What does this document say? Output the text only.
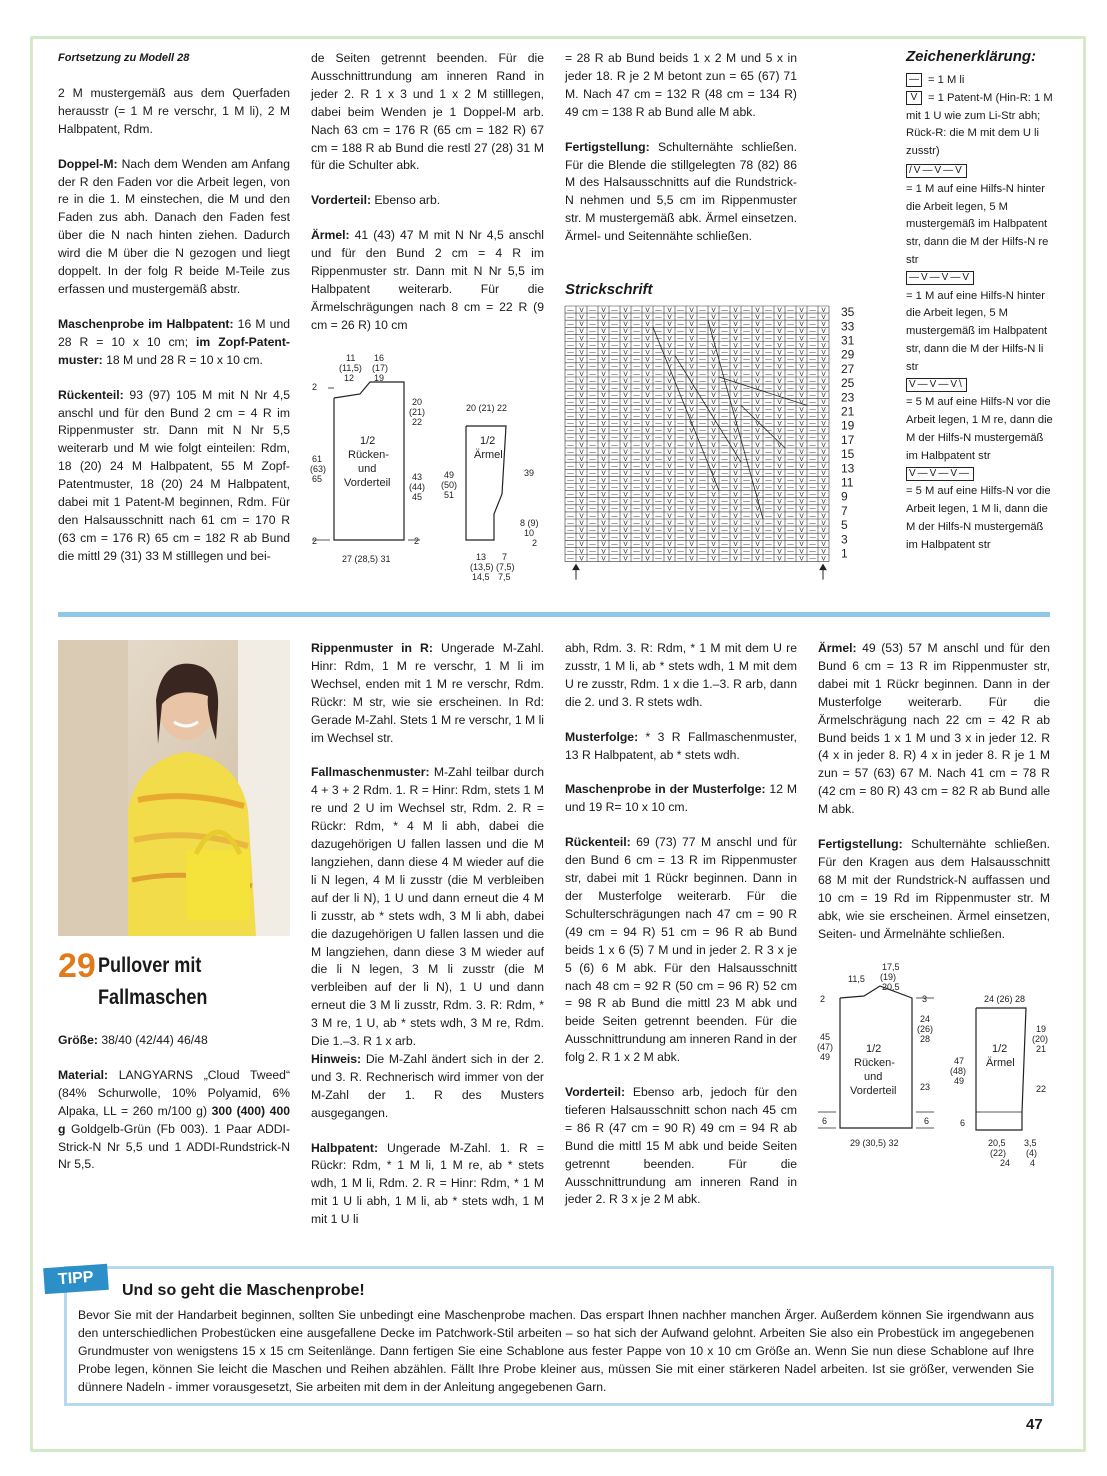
Fortsetzung zu Modell 28

2 M mustergemäß aus dem Querfaden herausstr (= 1 M re verschr, 1 M li), 2 M Halbpatent, Rdm.

Doppel-M: Nach dem Wenden am Anfang der R den Faden vor die Arbeit legen, von re in die 1. M einstechen, die M und den Faden zus abh. Danach den Faden fest über die N nach hinten ziehen. Dadurch wird die M über die N gezogen und liegt doppelt. In der folg R beide M-Teile zus erfassen und mustergemäß abstr.

Maschenprobe im Halbpatent: 16 M und 28 R = 10 x 10 cm; im Zopf-Patent-muster: 18 M und 28 R = 10 x 10 cm.

Rückenteil: 93 (97) 105 M mit N Nr 4,5 anschl und für den Bund 2 cm = 4 R im Rippenmuster str. Dann mit N Nr 5,5 weiterarb und M wie folgt einteilen: Rdm, 18 (20) 24 M Halbpatent, 55 M Zopf-Patentmuster, 18 (20) 24 M Halbpatent, dabei mit 1 Patent-M beginnen, Rdm. Für den Halsausschnitt nach 61 cm = 170 R (63 cm = 176 R) 65 cm = 182 R ab Bund die mittl 29 (31) 33 M stilllegen und bei-

de Seiten getrennt beenden. Für die Ausschnittrundung am inneren Rand in jeder 2. R 1 x 3 und 1 x 2 M stilllegen, dabei beim Wenden je 1 Doppel-M arb. Nach 63 cm = 176 R (65 cm = 182 R) 67 cm = 188 R ab Bund die restl 27 (28) 31 M für die Schulter abk.

Vorderteil: Ebenso arb.

Ärmel: 41 (43) 47 M mit N Nr 4,5 anschl und für den Bund 2 cm = 4 R im Rippenmuster str. Dann mit N Nr 5,5 im Halbpatent weiterarb. Für die Ärmelschrägungen nach 8 cm = 22 R (9 cm = 26 R) 10 cm

= 28 R ab Bund beids 1 x 2 M und 5 x in jeder 18. R je 2 M betont zun = 65 (67) 71 M. Nach 47 cm = 132 R (48 cm = 134 R) 49 cm = 138 R ab Bund alle M abk.

Fertigstellung: Schulternähte schließen. Für die Blende die stillgelegten 78 (82) 86 M des Halsausschnitts auf die Rundstrick-N nehmen und 5,5 cm im Rippenmuster str. M mustergemäß abk. Ärmel einsetzen. Ärmel- und Seitennähte schließen.

Zeichenerklärung:
— = 1 M li
V = 1 Patent-M (Hin-R: 1 M mit 1 U wie zum Li-Str abh; Rück-R: die M mit dem U li zusstr)
/V—V—V
= 1 M auf eine Hilfs-N hinter die Arbeit legen, 5 M mustergemäß im Halbpatent str, dann die M der Hilfs-N re str
—V—V—V
= 1 M auf eine Hilfs-N hinter die Arbeit legen, 5 M mustergemäß im Halbpatent str, dann die M der Hilfs-N li str
V—V—V\
= 5 M auf eine Hilfs-N vor die Arbeit legen, 1 M re, dann die M der Hilfs-N mustergemäß im Halbpatent str
V—V—V—
= 5 M auf eine Hilfs-N vor die Arbeit legen, 1 M li, dann die M der Hilfs-N mustergemäß im Halbpatent str
11
(11,5)
12
16
(17)
19
2
61
(63)
65
20
(21)
22
43
(44)
45
1/2
Rücken-
und
Vorderteil
2	2
27 (28,5) 31
20 (21) 22
1/2
Ärmel
49
(50)
51
39
8 (9)
10
2
13
(13,5)
14,5
7
(7,5)
7,5
Strickschrift
— V — V — V — V — V — V — V — V — V — V — V — V
— V — V — V — V — V — V — V — V — V — V — V — V
— V — V — V — V — V — V — V — V — V — V — V — V
— V — V — V — V — V — V — V — V — V — V — V — V
— V — V — V — V — V — V — V — V — V — V — V — V
— V — V — V — V — V — V — V — V — V — V — V — V
— V — V — V — V — V — V — V — V — V — V — V — V
— V — V — V — V — V — V — V — V — V — V — V — V
— V — V — V — V — V — V — V — V — V — V — V — V
— V — V — V — V — V — V — V — V — V — V — V — V
— V — V — V — V — V — V — V — V — V — V — V — V
— V — V — V — V — V — V — V — V — V — V — V — V
— V — V — V — V — V — V — V — V — V — V — V — V
— V — V — V — V — V — V — V — V — V — V — V — V
— V — V — V — V — V — V — V — V — V — V — V — V
— V — V — V — V — V — V — V — V — V — V — V — V
— V — V — V — V — V — V — V — V — V — V — V — V
— V — V — V — V — V — V — V — V — V — V — V — V
— V — V — V — V — V — V — V — V — V — V — V — V
— V — V — V — V — V — V — V — V — V — V — V — V
— V — V — V — V — V — V — V — V — V — V — V — V
— V — V — V — V — V — V — V — V — V — V — V — V
— V — V — V — V — V — V — V — V — V — V — V — V
— V — V — V — V — V — V — V — V — V — V — V — V
— V — V — V — V — V — V — V — V — V — V — V — V
— V — V — V — V — V — V — V — V — V — V — V — V
— V — V — V — V — V — V — V — V — V — V — V — V
— V — V — V — V — V — V — V — V — V — V — V — V
— V — V — V — V — V — V — V — V — V — V — V — V
— V — V — V — V — V — V — V — V — V — V — V — V
— V — V — V — V — V — V — V — V — V — V — V — V
— V — V — V — V — V — V — V — V — V — V — V — V
— V — V — V — V — V — V — V — V — V — V — V — V
— V — V — V — V — V — V — V — V — V — V — V — V
— V — V — V — V — V — V — V — V — V — V — V — V
— V — V — V — V — V — V — V — V — V — V — V — V
35
33
31
29
27
25
23
21
19
17
15
13
11
9
7
5
3
1
29 Pullover mit
Fallmaschen

Größe: 38/40 (42/44) 46/48

Material: LANGYARNS „Cloud Tweed“ (84% Schurwolle, 10% Polyamid, 6% Alpaka, LL = 260 m/100 g) 300 (400) 400 g Goldgelb-Grün (Fb 003). 1 Paar ADDI-Strick-N Nr 5,5 und 1 ADDI-Rundstrick-N Nr 5,5.

Rippenmuster in R: Ungerade M-Zahl. Hinr: Rdm, 1 M re verschr, 1 M li im Wechsel, enden mit 1 M re verschr, Rdm. Rückr: M str, wie sie erscheinen. In Rd: Gerade M-Zahl. Stets 1 M re verschr, 1 M li im Wechsel str.

Fallmaschenmuster: M-Zahl teilbar durch 4 + 3 + 2 Rdm. 1. R = Hinr: Rdm, stets 1 M re und 2 U im Wechsel str, Rdm. 2. R = Rückr: Rdm, * 4 M li abh, dabei die dazugehörigen U fallen lassen und die M langziehen, dann diese 4 M wieder auf die li N legen, 4 M li zusstr (die M verbleiben auf der li N), 1 U und dann erneut die 4 M li zusstr, ab * stets wdh, 3 M li abh, dabei die dazugehörigen U fallen lassen und die M langziehen, dann diese 3 M wieder auf die li N legen, 3 M li zusstr (die M verbleiben auf der li N), 1 U und dann erneut die 3 M li zusstr, Rdm. 3. R: Rdm, * 3 M re, 1 U, ab * stets wdh, 3 M re, Rdm. Die 1.–3. R 1 x arb.

Hinweis: Die M-Zahl ändert sich in der 2. und 3. R. Rechnerisch wird immer von der M-Zahl der 1. R des Musters ausgegangen.

Halbpatent: Ungerade M-Zahl. 1. R = Rückr: Rdm, * 1 M li, 1 M re, ab * stets wdh, 1 M li, Rdm. 2. R = Hinr: Rdm, * 1 M mit 1 U li abh, 1 M li, ab * stets wdh, 1 M mit 1 U li

abh, Rdm. 3. R: Rdm, * 1 M mit dem U re zusstr, 1 M li, ab * stets wdh, 1 M mit dem U re zusstr, Rdm. 1 x die 1.–3. R arb, dann die 2. und 3. R stets wdh.

Musterfolge: * 3 R Fallmaschenmuster, 13 R Halbpatent, ab * stets wdh.

Maschenprobe in der Musterfolge: 12 M und 19 R= 10 x 10 cm.

Rückenteil: 69 (73) 77 M anschl und für den Bund 6 cm = 13 R im Rippenmuster str, dabei mit 1 Rückr beginnen. Dann in der Musterfolge weiterarb. Für die Schulterschrägungen nach 47 cm = 90 R (49 cm = 94 R) 51 cm = 96 R ab Bund beids 1 x 6 (5) 7 M und in jeder 2. R 3 x je 5 (6) 6 M abk. Für den Halsausschnitt nach 48 cm = 92 R (50 cm = 96 R) 52 cm = 98 R ab Bund die mittl 23 M abk und beide Seiten getrennt beenden. Für die Ausschnittrundung am inneren Rand in der folg 2. R 1 x 2 M abk.

Vorderteil: Ebenso arb, jedoch für den tieferen Halsausschnitt schon nach 45 cm = 86 R (47 cm = 90 R) 49 cm = 94 R ab Bund die mittl 15 M abk und beide Seiten getrennt beenden. Für die Ausschnittrundung am inneren Rand in jeder 2. R 3 x je 2 M abk.

Ärmel: 49 (53) 57 M anschl und für den Bund 6 cm = 13 R im Rippenmuster str, dabei mit 1 Rückr beginnen. Dann in der Musterfolge weiterarb. Für die Ärmelschrägung nach 22 cm = 42 R ab Bund beids 1 x 1 M und 3 x in jeder 12. R (4 x in jeder 8. R) 4 x in jeder 8. R je 1 M zun = 57 (63) 67 M. Nach 41 cm = 78 R (42 cm = 80 R) 43 cm = 82 R ab Bund alle M abk.

Fertigstellung: Schulternähte schließen. Für den Kragen aus dem Halsausschnitt 68 M mit der Rundstrick-N auffassen und 10 cm = 19 Rd im Rippenmuster str. M abk, wie sie erscheinen. Ärmel einsetzen, Seiten- und Ärmelnähte schließen.

11,5
17,5
(19)
20,5
2	3
45
(47)
49
24
(26)
28
23
1/2
Rücken-
und
Vorderteil
6	6
29 (30,5) 32
24 (26) 28
1/2
Ärmel
47
(48)
49
19
(20)
21
22
6
20,5
(22)
24
3,5
(4)
4
TIPP
Und so geht die Maschenprobe!
Bevor Sie mit der Handarbeit beginnen, sollten Sie unbedingt eine Maschenprobe machen. Das erspart Ihnen nachher manchen Ärger. Außerdem können Sie irgendwann aus den unterschiedlichen Probestücken eine ausgefallene Decke im Patchwork-Stil arbeiten – so hat sich der Aufwand gelohnt. Arbeiten Sie also ein Probestück im angegebenen Grundmuster von wenigstens 15 x 15 cm Seitenlänge. Dann fertigen Sie eine Schablone aus fester Pappe von 10 x 10 cm Größe an. Wenn Sie nun diese Schablone auf Ihre Probe legen, können Sie leicht die Maschen und Reihen abzählen. Fällt Ihre Probe kleiner aus, müssen Sie mit einer stärkeren Nadel arbeiten. Ist sie größer, verwenden Sie dünnere Nadeln - immer vorausgesetzt, Sie arbeiten mit dem in der Anleitung angegebenen Garn.
47
